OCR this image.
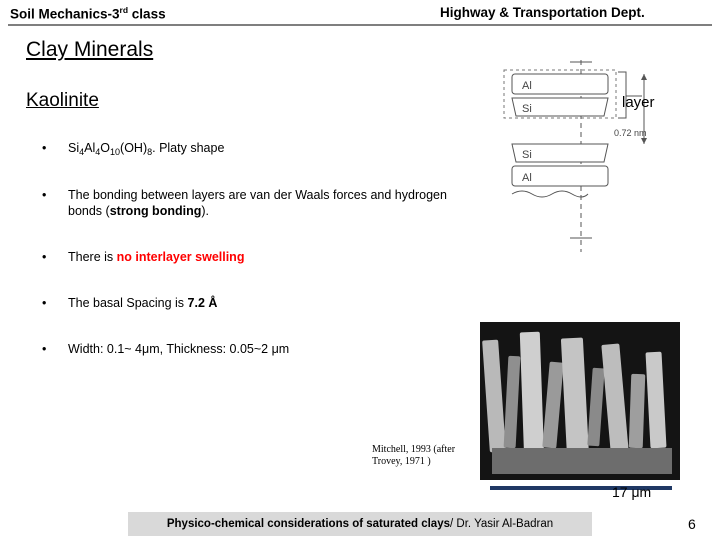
Soil Mechanics-3rd class	Highway & Transportation Dept.
Clay Minerals
Kaolinite
• $Si_4Al_4O_{10}(OH)_8$. Platy shape
• The bonding between layers are van der Waals forces and hydrogen bonds (strong bonding).
• There is no interlayer swelling
• The basal Spacing is 7.2 Å
• Width: 0.1~ 4μm, Thickness: 0.05~2 μm
Al
Si
0.72 nm
Si
Al
layer
17 μm
Mitchell, 1993 (after
Trovey, 1971 )
Physico-chemical considerations of saturated clays/ Dr. Yasir Al-Badran	6
